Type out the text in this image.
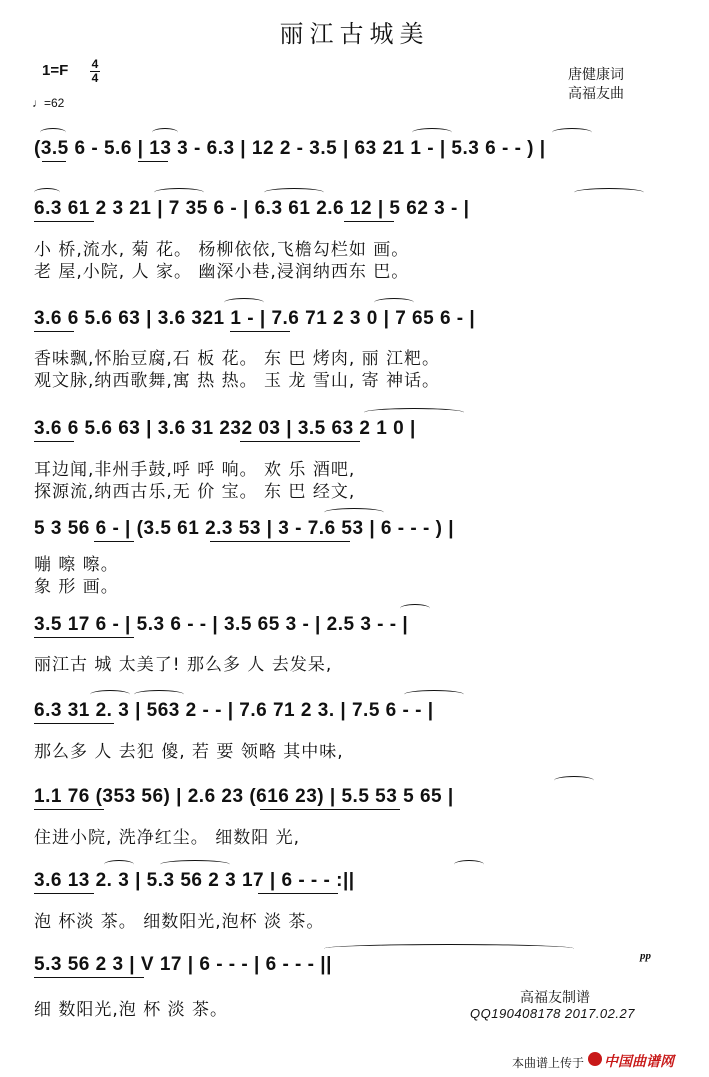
丽江古城美
1=F 4
4
♩=62
唐健康词
高福友曲

(3.5 6 - 5.6 | 13 3 - 6.3 | 12 2 - 3.5 | 63 21 1 - | 5.3 6 - - ) |

6.3 61 2 3 21 | 7 35 6 - | 6.3 61 2.6 12 | 5 62 3 - |

3.6 6 5.6 63 | 3.6 321 1 - | 7.6 71 2 3 0 | 7 65 6 - |

3.6 6 5.6 63 | 3.6 31 232 03 | 3.5 63 2 1 0 |

5 3 56 6 - | (3.5 61 2.3 53 | 3 - 7.6 53 | 6 - - - ) |

3.5 17 6 - | 5.3 6 - - | 3.5 65 3 - | 2.5 3 - - |

6.3 31 2. 3 | 563 2 - - | 7.6 71 2 3. | 7.5 6 - - |

1.1 76 (353 56) | 2.6 23 (616 23) | 5.5 53 5 65 |

3.6 13 2. 3 | 5.3 56 2 3 17 | 6 - - - :||

5.3 56 2 3 | V 17 | 6 - - - | 6 - - - ||

	pp
小 桥,流水, 菊 花。 杨柳依依,飞檐勾栏如 画。
老 屋,小院, 人 家。 幽深小巷,浸润纳西东 巴。
香味飘,怀胎豆腐,石 板 花。 东 巴 烤肉, 丽 江粑。
观文脉,纳西歌舞,寓 热 热。 玉 龙 雪山, 寄 神话。
耳边闻,非州手鼓,呼 呼 响。 欢 乐 酒吧,
探源流,纳西古乐,无 价 宝。 东 巴 经文,
嘣 嚓 嚓。
象 形 画。
丽江古 城 太美了! 那么多 人 去发呆,
那么多 人 去犯 傻, 若 要 领略 其中味,
住进小院, 洗净红尘。 细数阳 光,
泡 杯淡 茶。 细数阳光,泡杯 淡 茶。
细 数阳光,泡 杯 淡 茶。
高福友制谱
QQ190408178 2017.02.27
本曲谱上传于 中国曲谱网
